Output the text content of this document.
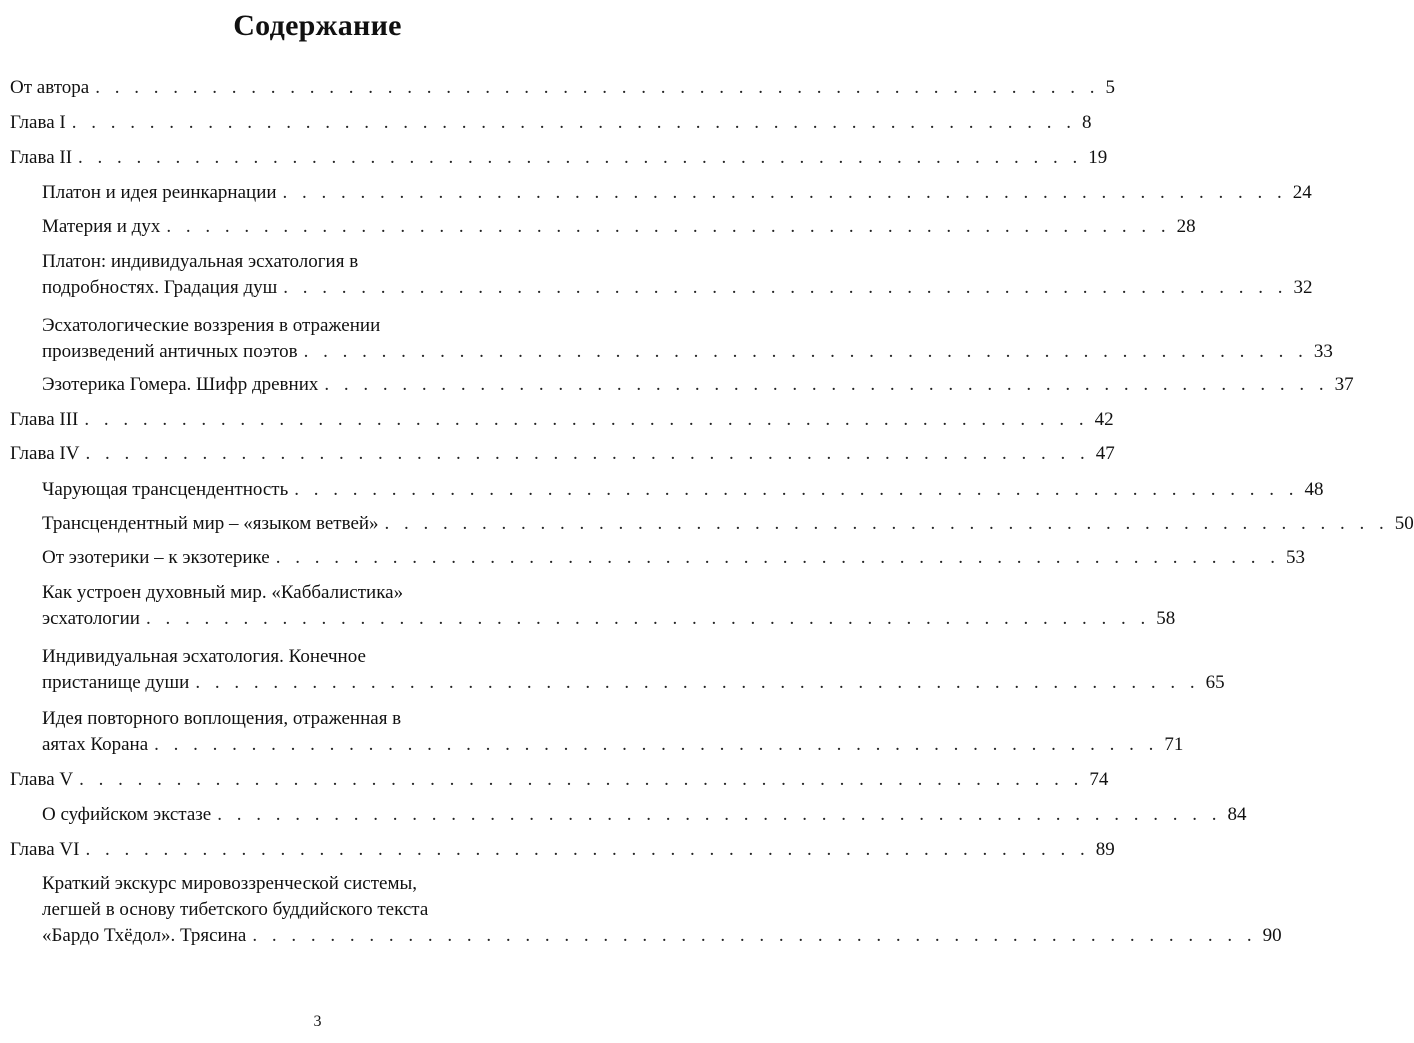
Содержание
От автора . . . . . . . . . . . . . . . . . . . . . . . . . . . . . . . . . . . . . . . . . . . . . . . . . . . . 5
Глава I . . . . . . . . . . . . . . . . . . . . . . . . . . . . . . . . . . . . . . . . . . . . . . . . . . . . 8
Глава II . . . . . . . . . . . . . . . . . . . . . . . . . . . . . . . . . . . . . . . . . . . . . . . . . . . . 19
Платон и идея реинкарнации . . . . . . . . . . . . . . . . . . . . . . . . . . . . . . . . . . . . . . . . . . . . . . . . . . . . 24
Материя и дух . . . . . . . . . . . . . . . . . . . . . . . . . . . . . . . . . . . . . . . . . . . . . . . . . . . . 28
Платон: индивидуальная эсхатология в
подробностях. Градация душ . . . . . . . . . . . . . . . . . . . . . . . . . . . . . . . . . . . . . . . . . . . . . . . . . . . . 32
Эсхатологические воззрения в отражении
произведений античных поэтов . . . . . . . . . . . . . . . . . . . . . . . . . . . . . . . . . . . . . . . . . . . . . . . . . . . . 33
Эзотерика Гомера. Шифр древних . . . . . . . . . . . . . . . . . . . . . . . . . . . . . . . . . . . . . . . . . . . . . . . . . . . . 37
Глава III . . . . . . . . . . . . . . . . . . . . . . . . . . . . . . . . . . . . . . . . . . . . . . . . . . . . 42
Глава IV . . . . . . . . . . . . . . . . . . . . . . . . . . . . . . . . . . . . . . . . . . . . . . . . . . . . 47
Чарующая трансцендентность . . . . . . . . . . . . . . . . . . . . . . . . . . . . . . . . . . . . . . . . . . . . . . . . . . . . 48
Трансцендентный мир – «языком ветвей» . . . . . . . . . . . . . . . . . . . . . . . . . . . . . . . . . . . . . . . . . . . . . . . . . . . . 50
От эзотерики – к экзотерике . . . . . . . . . . . . . . . . . . . . . . . . . . . . . . . . . . . . . . . . . . . . . . . . . . . . 53
Как устроен духовный мир. «Каббалистика»
эсхатологии . . . . . . . . . . . . . . . . . . . . . . . . . . . . . . . . . . . . . . . . . . . . . . . . . . . . 58
Индивидуальная эсхатология. Конечное
пристанище души . . . . . . . . . . . . . . . . . . . . . . . . . . . . . . . . . . . . . . . . . . . . . . . . . . . . 65
Идея повторного воплощения, отраженная в
аятах Корана . . . . . . . . . . . . . . . . . . . . . . . . . . . . . . . . . . . . . . . . . . . . . . . . . . . . 71
Глава V . . . . . . . . . . . . . . . . . . . . . . . . . . . . . . . . . . . . . . . . . . . . . . . . . . . . 74
О суфийском экстазе . . . . . . . . . . . . . . . . . . . . . . . . . . . . . . . . . . . . . . . . . . . . . . . . . . . . 84
Глава VI . . . . . . . . . . . . . . . . . . . . . . . . . . . . . . . . . . . . . . . . . . . . . . . . . . . . 89
Краткий экскурс мировоззренческой системы,
легшей в основу тибетского буддийского текста
«Бардо Тхёдол». Трясина . . . . . . . . . . . . . . . . . . . . . . . . . . . . . . . . . . . . . . . . . . . . . . . . . . . . 90
3
